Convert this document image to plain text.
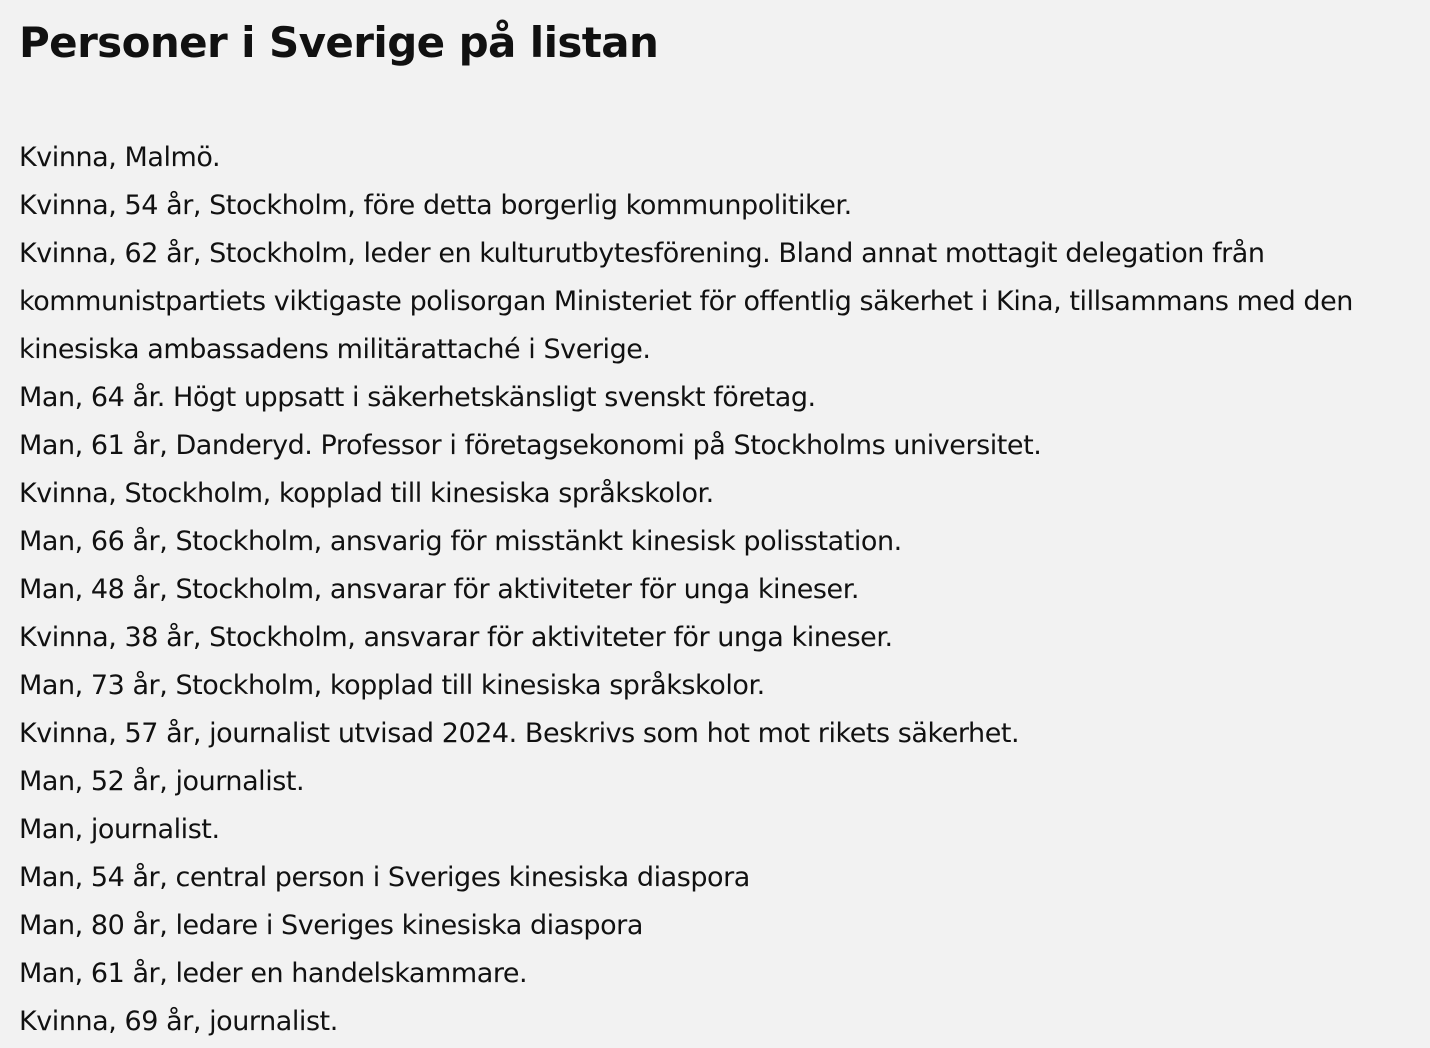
Personer i Sverige på listan
Kvinna, Malmö.
Kvinna, 54 år, Stockholm, före detta borgerlig kommunpolitiker.
Kvinna, 62 år, Stockholm, leder en kulturutbytesförening. Bland annat mottagit delegation från kommunistpartiets viktigaste polisorgan Ministeriet för offentlig säkerhet i Kina, tillsammans med den kinesiska ambassadens militärattaché i Sverige.
Man, 64 år. Högt uppsatt i säkerhetskänsligt svenskt företag.
Man, 61 år, Danderyd. Professor i företagsekonomi på Stockholms universitet.
Kvinna, Stockholm, kopplad till kinesiska språkskolor.
Man, 66 år, Stockholm, ansvarig för misstänkt kinesisk polisstation.
Man, 48 år, Stockholm, ansvarar för aktiviteter för unga kineser.
Kvinna, 38 år, Stockholm, ansvarar för aktiviteter för unga kineser.
Man, 73 år, Stockholm, kopplad till kinesiska språkskolor.
Kvinna, 57 år, journalist utvisad 2024. Beskrivs som hot mot rikets säkerhet.
Man, 52 år, journalist.
Man, journalist.
Man, 54 år, central person i Sveriges kinesiska diaspora
Man, 80 år, ledare i Sveriges kinesiska diaspora
Man, 61 år, leder en handelskammare.
Kvinna, 69 år, journalist.
